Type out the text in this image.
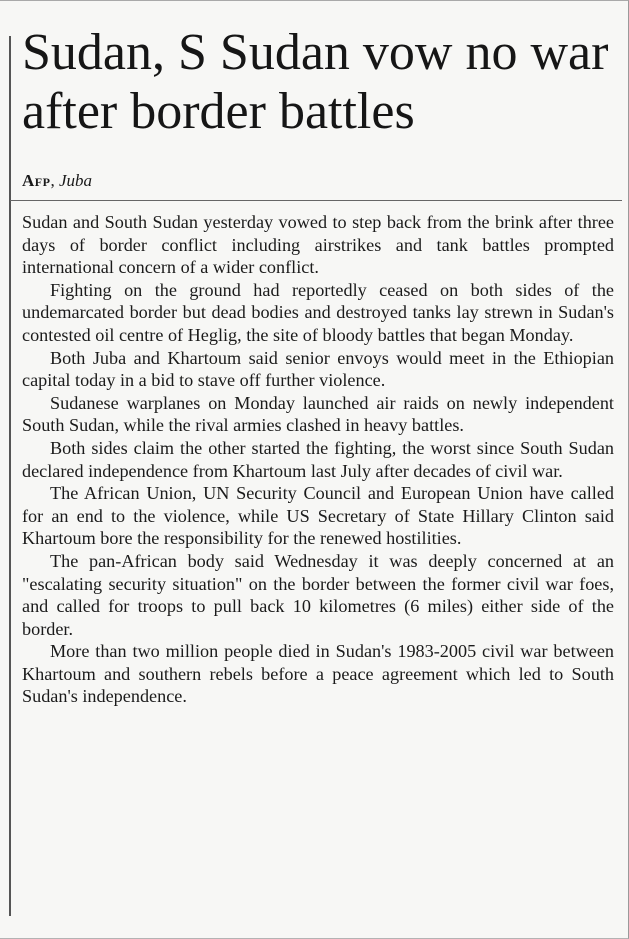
Sudan, S Sudan vow no war after border battles

Afp, Juba

Sudan and South Sudan yesterday vowed to step back from the brink after three days of border conflict including airstrikes and tank battles prompted international concern of a wider conflict.

Fighting on the ground had reportedly ceased on both sides of the undemarcated border but dead bodies and destroyed tanks lay strewn in Sudan's contested oil centre of Heglig, the site of bloody battles that began Monday.

Both Juba and Khartoum said senior envoys would meet in the Ethiopian capital today in a bid to stave off further violence.

Sudanese warplanes on Monday launched air raids on newly independent South Sudan, while the rival armies clashed in heavy battles.

Both sides claim the other started the fighting, the worst since South Sudan declared independence from Khartoum last July after decades of civil war.

The African Union, UN Security Council and European Union have called for an end to the violence, while US Secretary of State Hillary Clinton said Khartoum bore the responsibility for the renewed hostilities.

The pan-African body said Wednesday it was deeply concerned at an "escalating security situation" on the border between the former civil war foes, and called for troops to pull back 10 kilometres (6 miles) either side of the border.

More than two million people died in Sudan's 1983-2005 civil war between Khartoum and southern rebels before a peace agreement which led to South Sudan's independence.
